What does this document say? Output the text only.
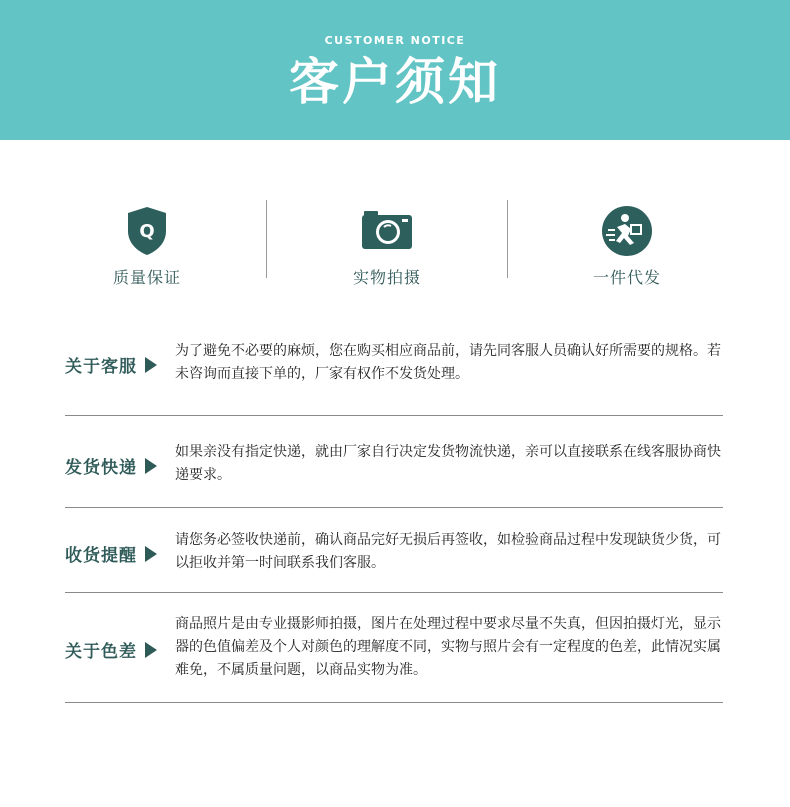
CUSTOMER NOTICE
客户须知
Q
质量保证	实物拍摄	一件代发
关于客服
为了避免不必要的麻烦，您在购买相应商品前，请先同客服人员确认好所需要的规格。若未咨询而直接下单的，厂家有权作不发货处理。
发货快递
如果亲没有指定快递，就由厂家自行决定发货物流快递，亲可以直接联系在线客服协商快递要求。
收货提醒
请您务必签收快递前，确认商品完好无损后再签收，如检验商品过程中发现缺货少货，可以拒收并第一时间联系我们客服。
关于色差
商品照片是由专业摄影师拍摄，图片在处理过程中要求尽量不失真，但因拍摄灯光，显示器的色值偏差及个人对颜色的理解度不同，实物与照片会有一定程度的色差，此情况实属难免，不属质量问题，以商品实物为准。
